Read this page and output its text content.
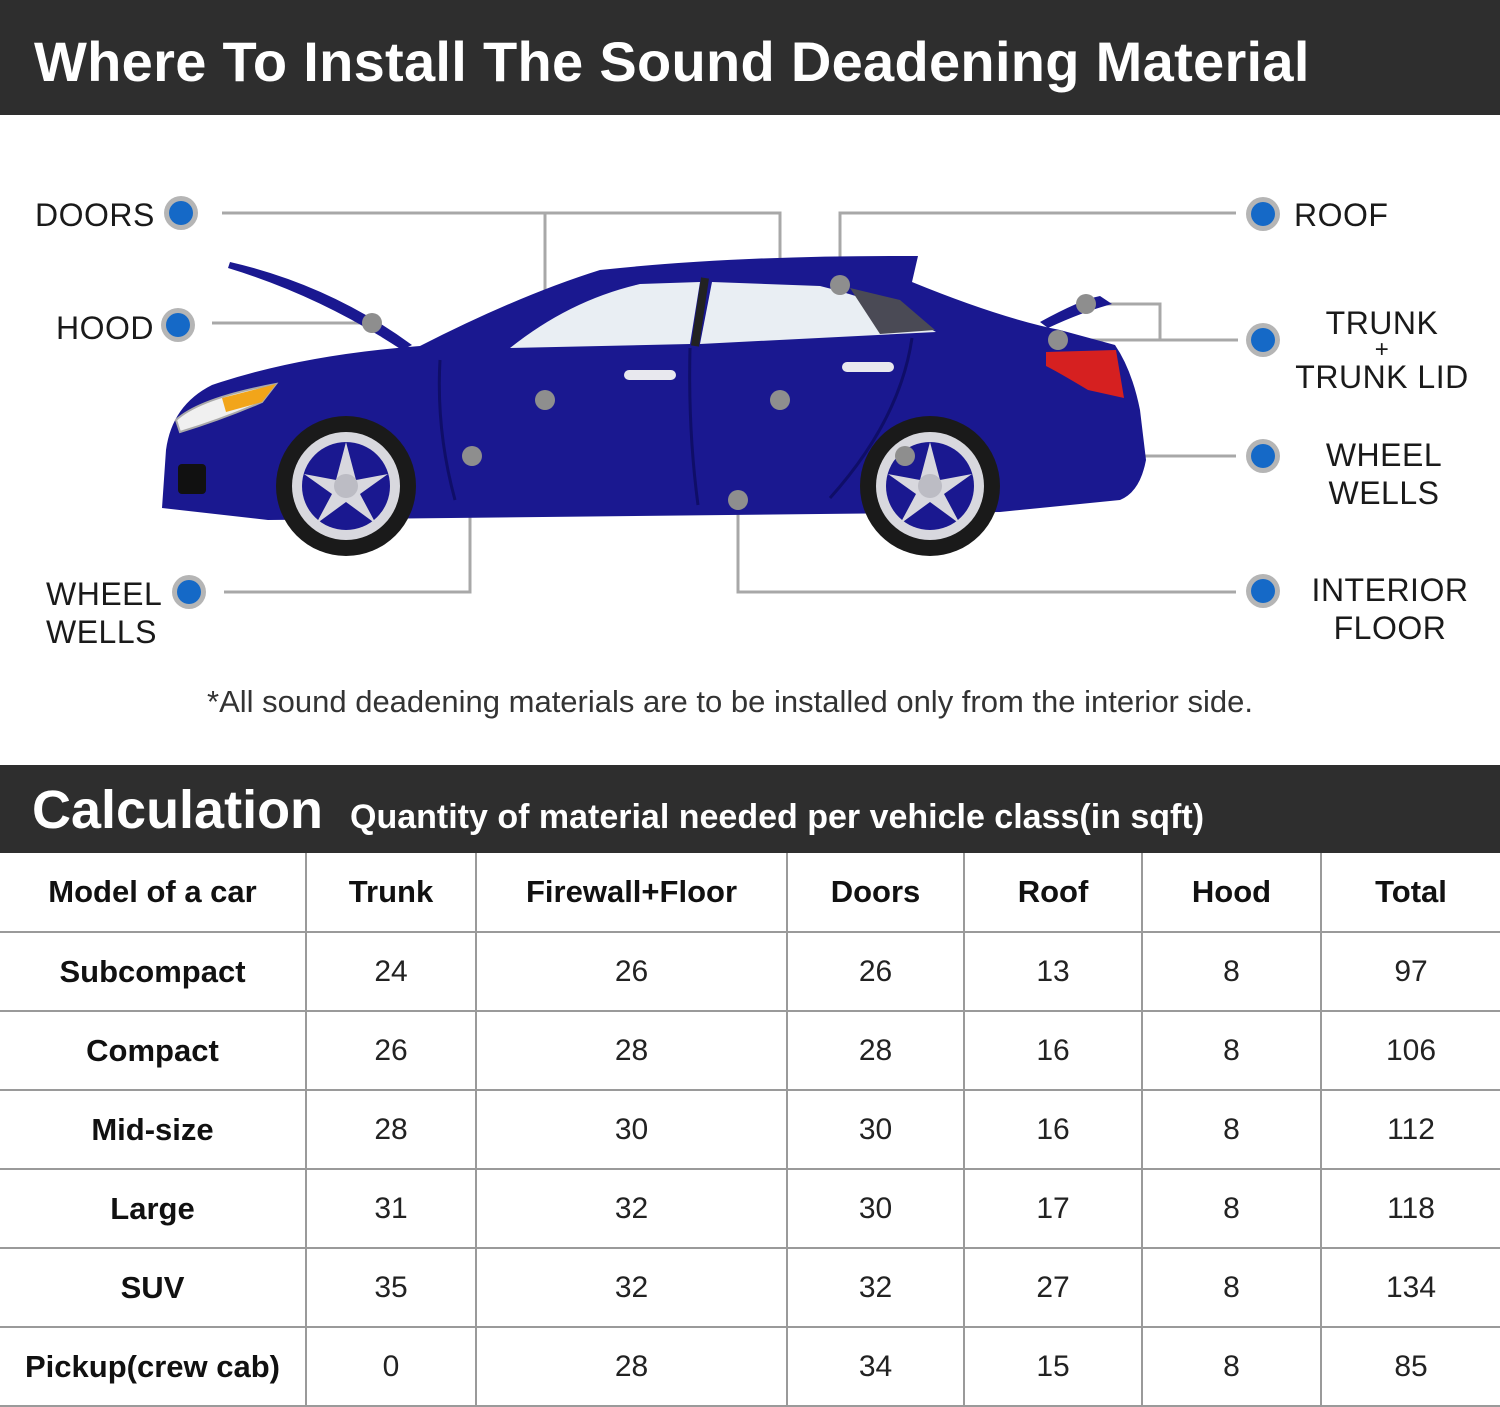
Where To Install The Sound Deadening Material
DOORS
HOOD
WHEEL
WELLS
ROOF
TRUNK
+
TRUNK LID
WHEEL
WELLS
INTERIOR
FLOOR
*All sound deadening materials are to be installed only from the interior side.
Calculation Quantity of material needed per vehicle class(in sqft)
Model of a car	Trunk	Firewall+Floor	Doors	Roof	Hood	Total
Subcompact	24	26	26	13	8	97
Compact	26	28	28	16	8	106
Mid-size	28	30	30	16	8	112
Large	31	32	30	17	8	118
SUV	35	32	32	27	8	134
Pickup(crew cab)	0	28	34	15	8	85
